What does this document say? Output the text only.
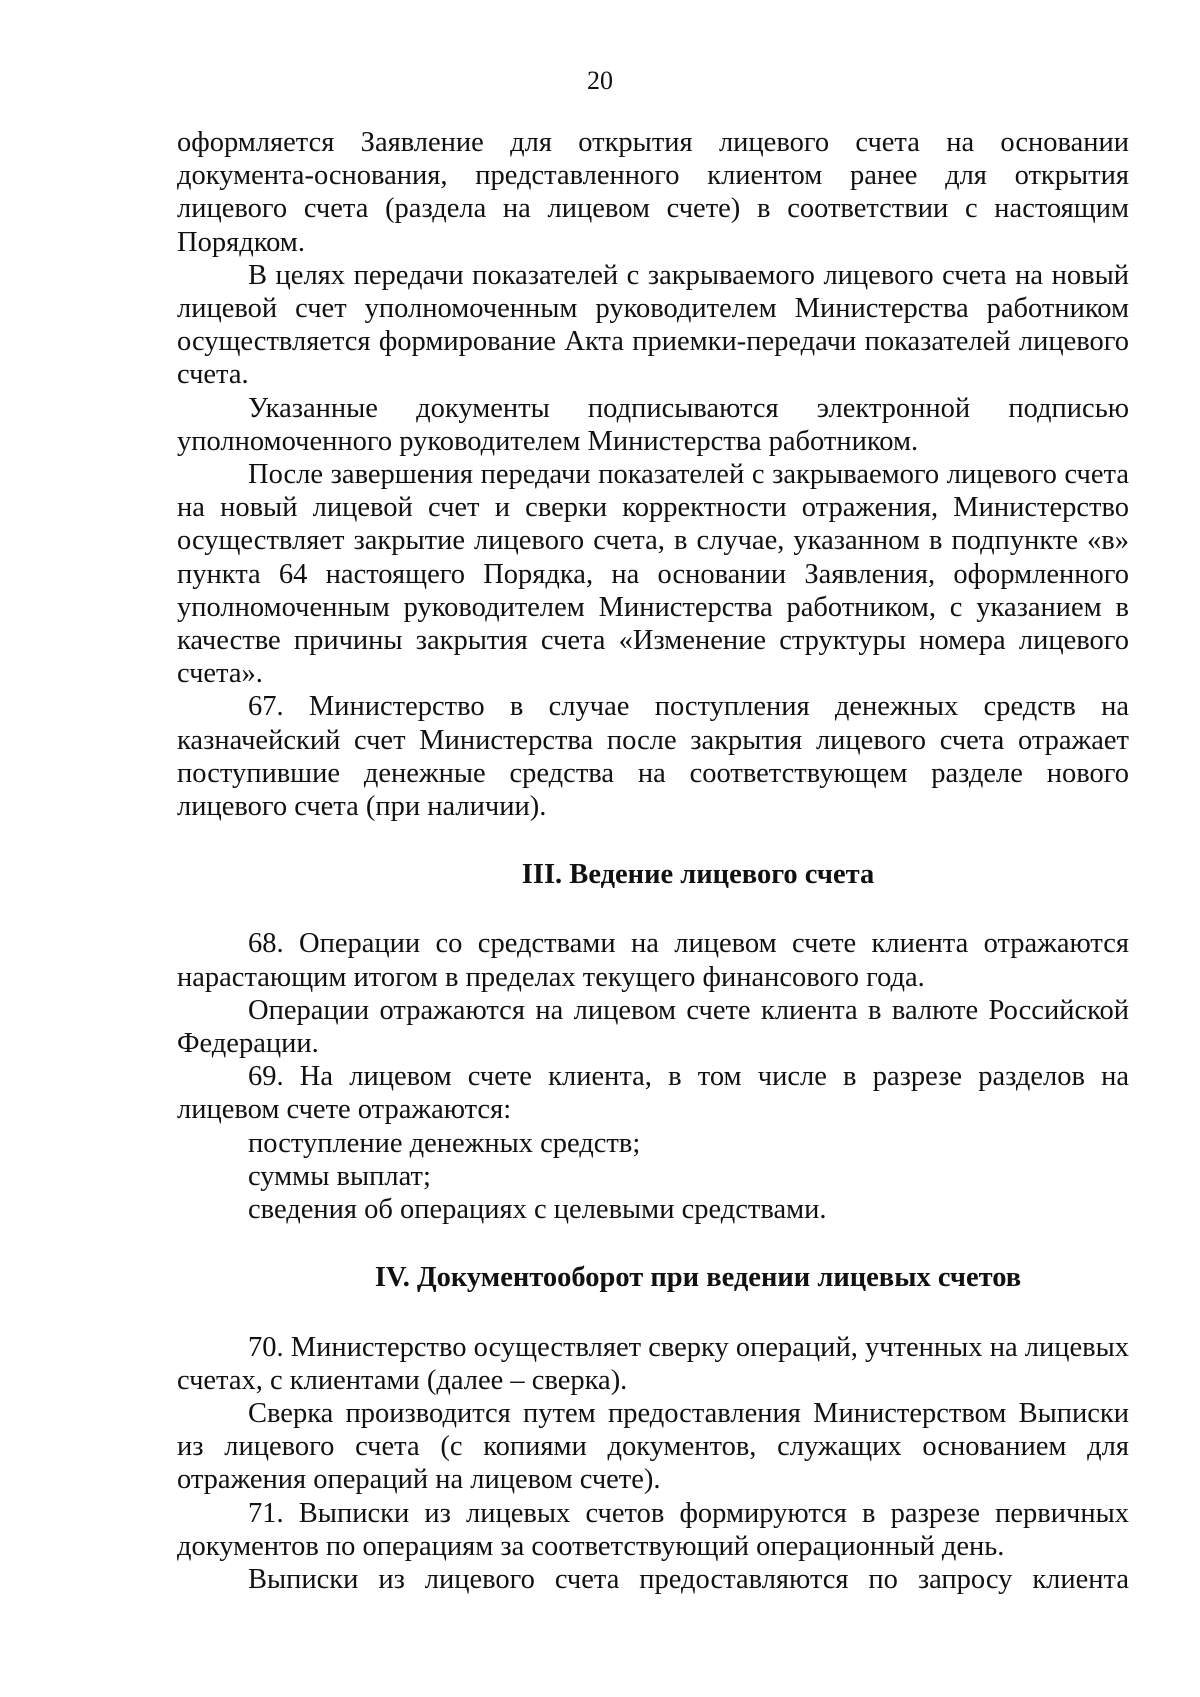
20

оформляется Заявление для открытия лицевого счета на основании документа-основания, представленного клиентом ранее для открытия лицевого счета (раздела на лицевом счете) в соответствии с настоящим Порядком.

В целях передачи показателей с закрываемого лицевого счета на новый лицевой счет уполномоченным руководителем Министерства работником осуществляется формирование Акта приемки-передачи показателей лицевого счета.

Указанные документы подписываются электронной подписью уполномоченного руководителем Министерства работником.

После завершения передачи показателей с закрываемого лицевого счета на новый лицевой счет и сверки корректности отражения, Министерство осуществляет закрытие лицевого счета, в случае, указанном в подпункте «в» пункта 64 настоящего Порядка, на основании Заявления, оформленного уполномоченным руководителем Министерства работником, с указанием в качестве причины закрытия счета «Изменение структуры номера лицевого счета».

67. Министерство в случае поступления денежных средств на казначейский счет Министерства после закрытия лицевого счета отражает поступившие денежные средства на соответствующем разделе нового лицевого счета (при наличии).

III. Ведение лицевого счета

68. Операции со средствами на лицевом счете клиента отражаются нарастающим итогом в пределах текущего финансового года.

Операции отражаются на лицевом счете клиента в валюте Российской Федерации.

69. На лицевом счете клиента, в том числе в разрезе разделов на лицевом счете отражаются:

поступление денежных средств;
суммы выплат;
сведения об операциях с целевыми средствами.
IV. Документооборот при ведении лицевых счетов

70. Министерство осуществляет сверку операций, учтенных на лицевых счетах, с клиентами (далее – сверка).

Сверка производится путем предоставления Министерством Выписки из лицевого счета (с копиями документов, служащих основанием для отражения операций на лицевом счете).

71. Выписки из лицевых счетов формируются в разрезе первичных документов по операциям за соответствующий операционный день.

Выписки из лицевого счета предоставляются по запросу клиента
